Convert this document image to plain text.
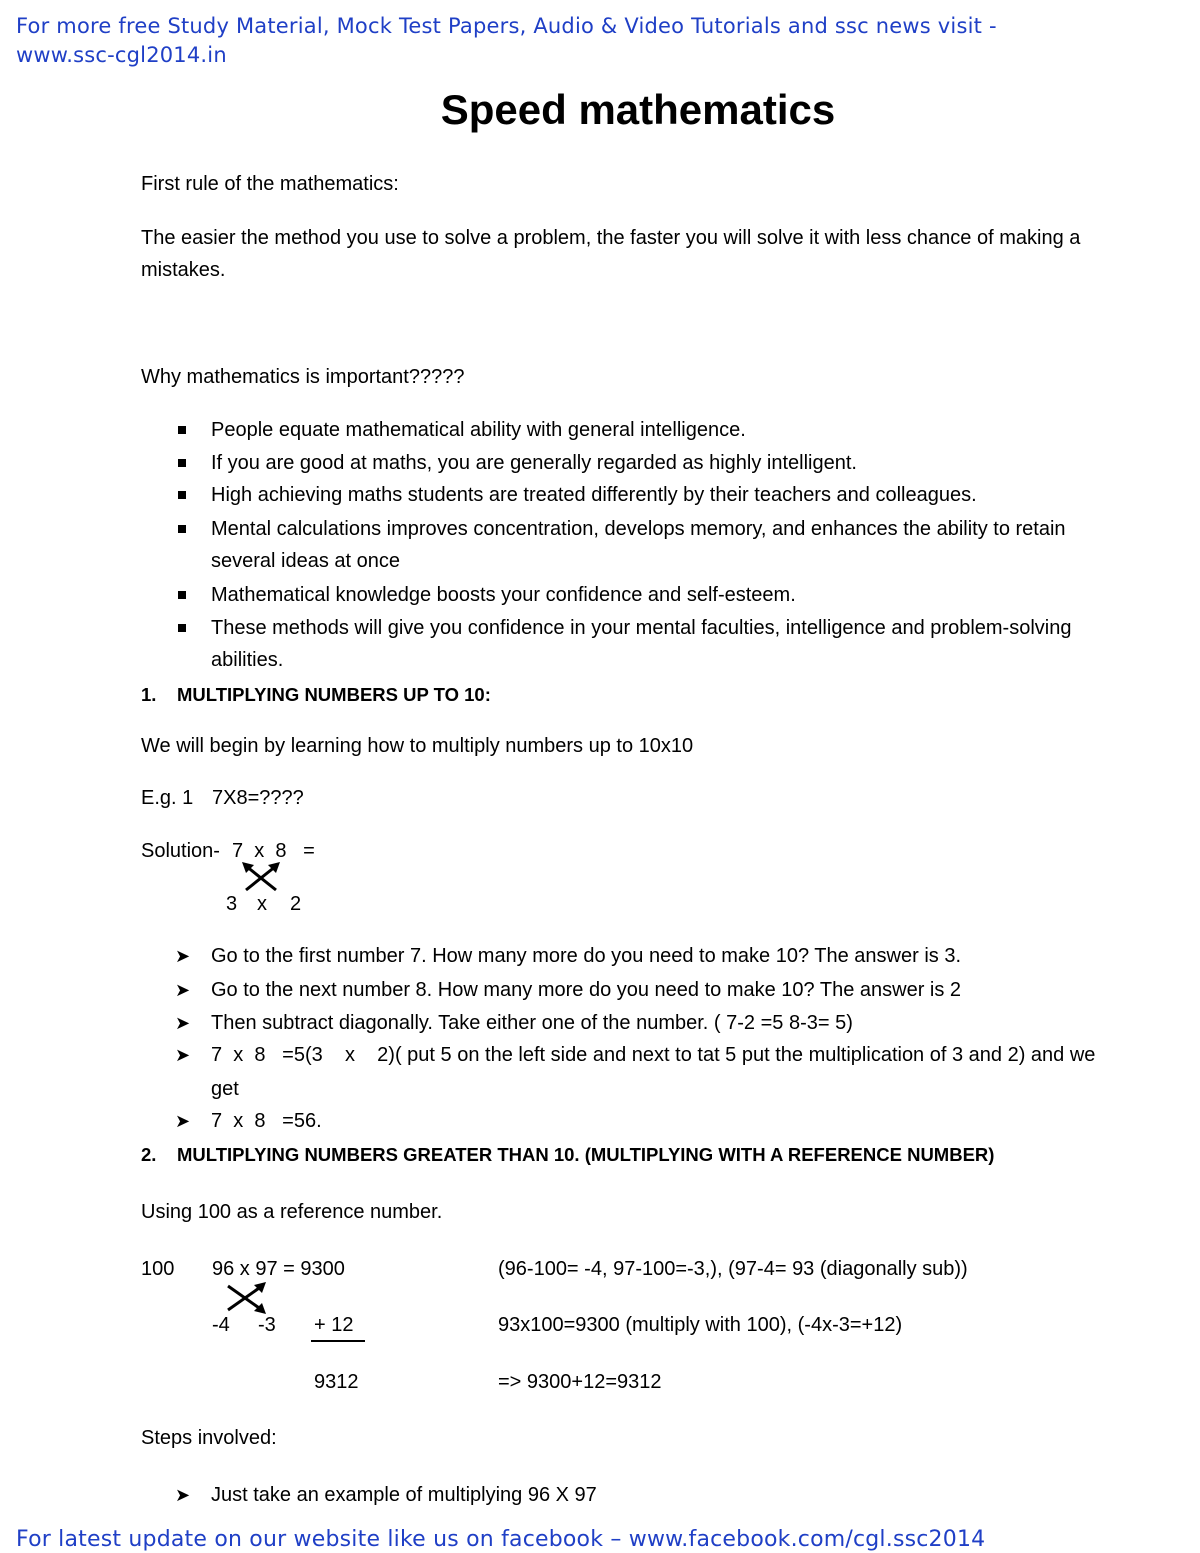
For more free Study Material, Mock Test Papers, Audio & Video Tutorials and ssc news visit -
www.ssc-cgl2014.in
Speed mathematics
First rule of the mathematics:
The easier the method you use to solve a problem, the faster you will solve it with less chance of making a
mistakes.
Why mathematics is important?????
People equate mathematical ability with general intelligence.
If you are good at maths, you are generally regarded as highly intelligent.
High achieving maths students are treated differently by their teachers and colleagues.
Mental calculations improves concentration, develops memory, and enhances the ability to retain
several ideas at once
Mathematical knowledge boosts your confidence and self-esteem.
These methods will give you confidence in your mental faculties, intelligence and problem-solving
abilities.
1. MULTIPLYING NUMBERS UP TO 10:
We will begin by learning how to multiply numbers up to 10x10
E.g. 1 7X8=????
Solution- 7  x  8   =
3 x 2
➤ Go to the first number 7. How many more do you need to make 10? The answer is 3.
➤ Go to the next number 8. How many more do you need to make 10? The answer is 2
➤ Then subtract diagonally. Take either one of the number. ( 7-2 =5 8-3= 5)
➤ 7  x  8   =5(3    x    2)( put 5 on the left side and next to tat 5 put the multiplication of 3 and 2) and we
get
➤ 7  x  8   =56.
2. MULTIPLYING NUMBERS GREATER THAN 10. (MULTIPLYING WITH A REFERENCE NUMBER)
Using 100 as a reference number.
100 96 x 97 = 9300
-4 -3 + 12
9312
(96-100= -4, 97-100=-3,), (97-4= 93 (diagonally sub))
93x100=9300 (multiply with 100), (-4x-3=+12)
=> 9300+12=9312
Steps involved:
➤ Just take an example of multiplying 96 X 97
For latest update on our website like us on facebook – www.facebook.com/cgl.ssc2014
